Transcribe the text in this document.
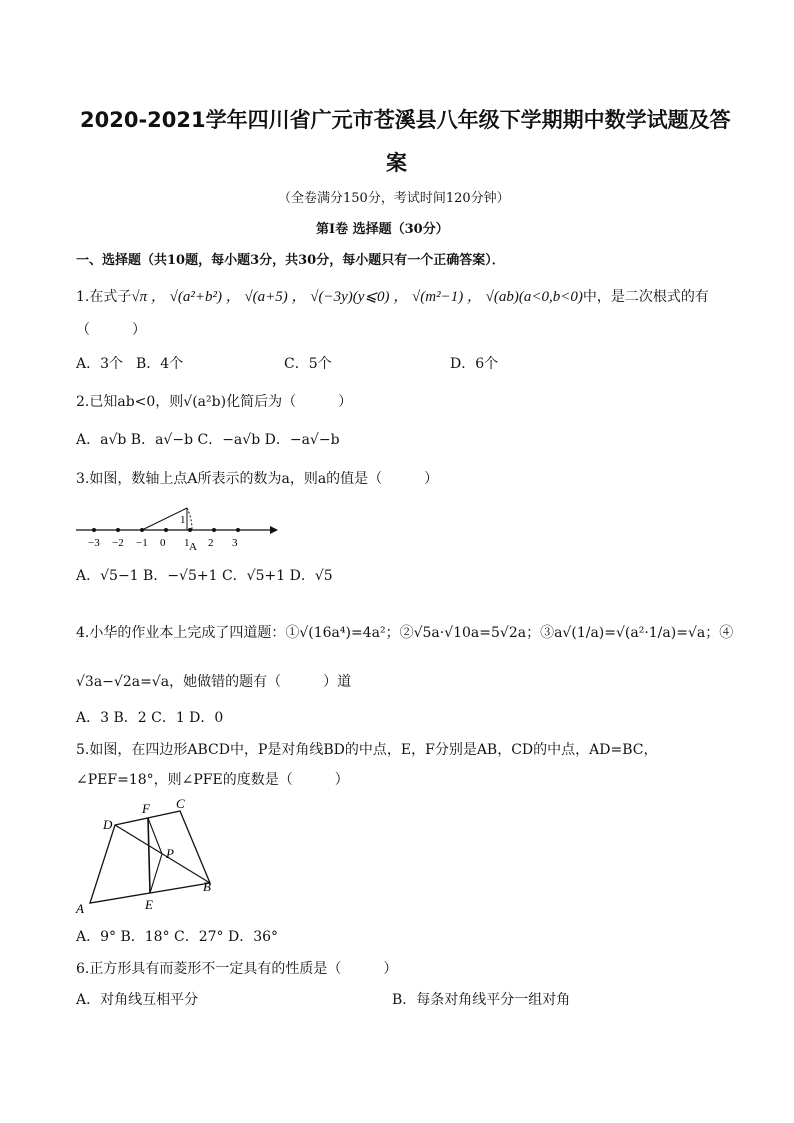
2020-2021学年四川省广元市苍溪县八年级下学期期中数学试题及答
案
（全卷满分150分，考试时间120分钟）
第Ⅰ卷 选择题（30分）
一、选择题（共10题，每小题3分，共30分，每小题只有一个正确答案）．
1.在式子√π ， √(a²+b²) ， √(a+5) ， √(−3y)(y⩽0) ， √(m²−1) ， √(ab)(a<0,b<0)中，是二次根式的有
（　　　）
A．3个 B．4个	C．5个	D．6个
2.已知ab<0，则√(a²b)化简后为（　　　）
A．a√b B．a√−b C．−a√b D．−a√−b
3.如图，数轴上点A所表示的数为a，则a的值是（　　　）
−3 −2 −1 0 1 2 3
1
A
A．√5−1 B．−√5+1 C．√5+1 D．√5
4.小华的作业本上完成了四道题：①√(16a⁴)=4a²；②√5a·√10a=5√2a；③a√(1/a)=√(a²·1/a)=√a；④
√3a−√2a=√a，她做错的题有（　　　）道
A．3 B．2 C．1 D．0
5.如图，在四边形ABCD中，P是对角线BD的中点，E，F分别是AB，CD的中点，AD=BC，
∠PEF=18°，则∠PFE的度数是（　　　）
A
B
C
D
E
F
P
A．9° B．18° C．27° D．36°
6.正方形具有而菱形不一定具有的性质是（　　　）
A．对角线互相平分	B．每条对角线平分一组对角
